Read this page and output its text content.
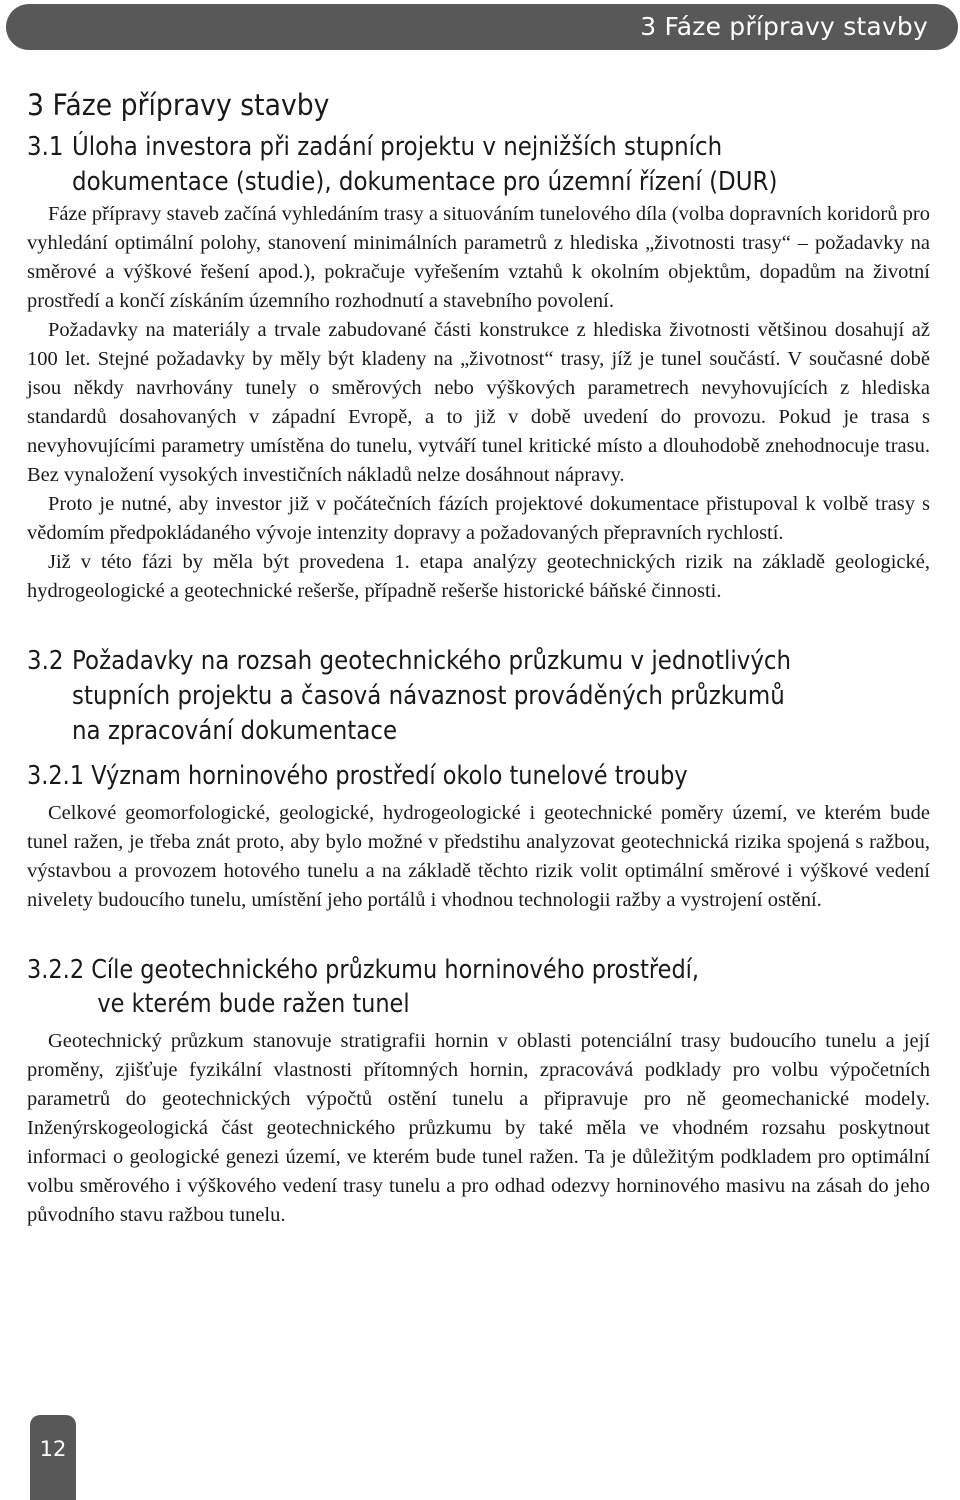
3 Fáze přípravy stavby
3 Fáze přípravy stavby
3.1 Úloha investora při zadání projektu v nejnižších stupních
dokumentace (studie), dokumentace pro územní řízení (DUR)

Fáze přípravy staveb začíná vyhledáním trasy a situováním tunelového díla (volba dopravních koridorů pro vyhledání optimální polohy, stanovení minimálních parametrů z hlediska „životnosti trasy“ – požadavky na směrové a výškové řešení apod.), pokračuje vyřešením vztahů k okolním objektům, dopadům na životní prostředí a končí získáním územního rozhodnutí a stavebního povolení.

Požadavky na materiály a trvale zabudované části konstrukce z hlediska životnosti většinou dosahují až 100 let. Stejné požadavky by měly být kladeny na „životnost“ trasy, jíž je tunel součástí. V současné době jsou někdy navrhovány tunely o směrových nebo výškových parametrech nevyhovujících z hlediska standardů dosahovaných v západní Evropě, a to již v době uvedení do provozu. Pokud je trasa s nevyhovujícími parametry umístěna do tunelu, vytváří tunel kritické místo a dlouhodobě znehodnocuje trasu. Bez vynaložení vysokých investičních nákladů nelze dosáhnout nápravy.

Proto je nutné, aby investor již v počátečních fázích projektové dokumentace přistupoval k volbě trasy s vědomím předpokládaného vývoje intenzity dopravy a požadovaných přepravních rychlostí.

Již v této fázi by měla být provedena 1. etapa analýzy geotechnických rizik na základě geologické, hydrogeologické a geotechnické rešerše, případně rešerše historické báňské činnosti.

3.2 Požadavky na rozsah geotechnického průzkumu v jednotlivých
stupních projektu a časová návaznost prováděných průzkumů
na zpracování dokumentace
3.2.1 Význam horninového prostředí okolo tunelové trouby

Celkové geomorfologické, geologické, hydrogeologické i geotechnické poměry území, ve kterém bude tunel ražen, je třeba znát proto, aby bylo možné v předstihu analyzovat geotechnická rizika spojená s ražbou, výstavbou a provozem hotového tunelu a na základě těchto rizik volit optimální směrové i výškové vedení nivelety budoucího tunelu, umístění jeho portálů i vhodnou technologii ražby a vystrojení ostění.

3.2.2 Cíle geotechnického průzkumu horninového prostředí,
ve kterém bude ražen tunel

Geotechnický průzkum stanovuje stratigrafii hornin v oblasti potenciální trasy budoucího tunelu a její proměny, zjišťuje fyzikální vlastnosti přítomných hornin, zpracovává podklady pro volbu výpočetních parametrů do geotechnických výpočtů ostění tunelu a připravuje pro ně geomechanické modely. Inženýrskogeologická část geotechnického průzkumu by také měla ve vhodném rozsahu poskytnout informaci o geologické genezi území, ve kterém bude tunel ražen. Ta je důležitým podkladem pro optimální volbu směrového i výškového vedení trasy tunelu a pro odhad odezvy horninového masivu na zásah do jeho původního stavu ražbou tunelu.

12
